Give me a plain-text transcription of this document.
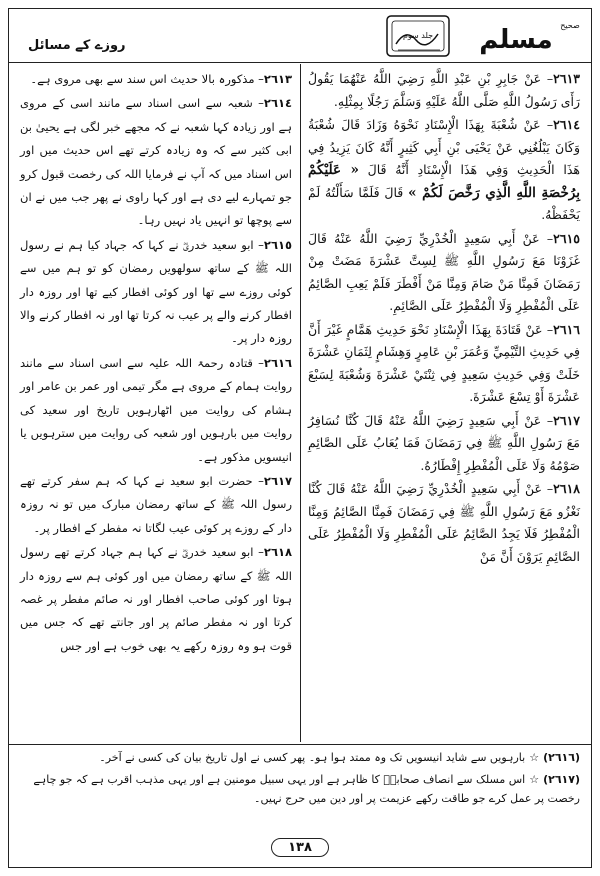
مسلم صحیح
جلد سوم
روزے کے مسائل

٢٦١٣– عَنْ جَابِرِ بْنِ عَبْدِ اللَّهِ رَضِيَ اللَّهُ عَنْهُمَا يَقُولُ رَأَى رَسُولُ اللَّهِ صَلَّى اللَّهُ عَلَيْهِ وَسَلَّمَ رَجُلًا بِمِثْلِهِ.

٢٦١٤– عَنْ شُعْبَةَ بِهَذَا الْإِسْنَادِ نَحْوَهُ وَزَادَ قَالَ شُعْبَةُ وَكَانَ يَبْلُغُنِي عَنْ يَحْيَى بْنِ أَبِي كَثِيرٍ أَنَّهُ كَانَ يَزِيدُ فِي هَذَا الْحَدِيثِ وَفِي هَذَا الْإِسْنَادِ أَنَّهُ قَالَ « عَلَيْكُمْ بِرُخْصَةِ اللَّهِ الَّذِي رَخَّصَ لَكُمْ » قَالَ فَلَمَّا سَأَلْتُهُ لَمْ يَحْفَظْهُ.

٢٦١٥– عَنْ أَبِي سَعِيدٍ الْخُدْرِيِّ رَضِيَ اللَّهُ عَنْهُ قَالَ غَزَوْنَا مَعَ رَسُولِ اللَّهِ ﷺ لِسِتَّ عَشْرَةَ مَضَتْ مِنْ رَمَضَانَ فَمِنَّا مَنْ صَامَ وَمِنَّا مَنْ أَفْطَرَ فَلَمْ يَعِبِ الصَّائِمُ عَلَى الْمُفْطِرِ وَلَا الْمُفْطِرُ عَلَى الصَّائِمِ.

٢٦١٦– عَنْ قَتَادَةَ بِهَذَا الْإِسْنَادِ نَحْوَ حَدِيثِ هَمَّامٍ غَيْرَ أَنَّ فِي حَدِيثِ التَّيْمِيِّ وَعُمَرَ بْنِ عَامِرٍ وَهِشَامٍ لِثَمَانِ عَشْرَةَ خَلَتْ وَفِي حَدِيثِ سَعِيدٍ فِي ثِنْتَيْ عَشْرَةَ وَشُعْبَةَ لِسَبْعَ عَشْرَةَ أَوْ تِسْعَ عَشْرَةَ.

٢٦١٧– عَنْ أَبِي سَعِيدٍ رَضِيَ اللَّهُ عَنْهُ قَالَ كُنَّا نُسَافِرُ مَعَ رَسُولِ اللَّهِ ﷺ فِي رَمَضَانَ فَمَا يُعَابُ عَلَى الصَّائِمِ صَوْمُهُ وَلَا عَلَى الْمُفْطِرِ إِفْطَارُهُ.

٢٦١٨– عَنْ أَبِي سَعِيدٍ الْخُدْرِيِّ رَضِيَ اللَّهُ عَنْهُ قَالَ كُنَّا نَغْزُو مَعَ رَسُولِ اللَّهِ ﷺ فِي رَمَضَانَ فَمِنَّا الصَّائِمُ وَمِنَّا الْمُفْطِرُ فَلَا يَجِدُ الصَّائِمُ عَلَى الْمُفْطِرِ وَلَا الْمُفْطِرُ عَلَى الصَّائِمِ يَرَوْنَ أَنَّ مَنْ

٢٦١٣– مذکورہ بالا حدیث اس سند سے بھی مروی ہے۔

٢٦١٤– شعبہ سے اسی اسناد سے مانند اسی کے مروی ہے اور زیادہ کہا شعبہ نے کہ مجھے خبر لگی ہے یحییٰ بن ابی کثیر سے کہ وہ زیادہ کرتے تھے اس حدیث میں اور اس اسناد میں کہ آپ نے فرمایا اللہ کی رخصت قبول کرو جو تمہارے لیے دی ہے اور کہا راوی نے پھر جب میں نے ان سے پوچھا تو انہیں یاد نہیں رہا۔

٢٦١٥– ابو سعید خدریؓ نے کہا کہ جہاد کیا ہم نے رسول اللہ ﷺ کے ساتھ سولھویں رمضان کو تو ہم میں سے کوئی روزے سے تھا اور کوئی افطار کیے تھا اور روزہ دار افطار کرنے والے پر عیب نہ کرتا تھا اور نہ افطار کرنے والا روزہ دار پر۔

٢٦١٦– قتادہ رحمۃ اللہ علیہ سے اسی اسناد سے مانند روایت ہمام کے مروی ہے مگر تیمی اور عمر بن عامر اور ہشام کی روایت میں اٹھارہویں تاریخ اور سعید کی روایت میں بارہویں اور شعبہ کی روایت میں سترہویں یا انیسویں مذکور ہے۔

٢٦١٧– حضرت ابو سعید نے کہا کہ ہم سفر کرتے تھے رسول اللہ ﷺ کے ساتھ رمضان مبارک میں تو نہ روزہ دار کے روزے پر کوئی عیب لگاتا نہ مفطر کے افطار پر۔

٢٦١٨– ابو سعید خدریؓ نے کہا ہم جہاد کرتے تھے رسول اللہ ﷺ کے ساتھ رمضان میں اور کوئی ہم سے روزہ دار ہوتا اور کوئی صاحب افطار اور نہ صائم مفطر پر غصہ کرتا اور نہ مفطر صائم پر اور جانتے تھے کہ جس میں قوت ہو وہ روزہ رکھے یہ بھی خوب ہے اور جس

(٢٦١٦)☆بارہویں سے شاید انیسویں تک وہ ممتد ہوا ہو۔ پھر کسی نے اول تاریخ بیان کی کسی نے آخر۔

(٢٦١٧)☆اس مسلک سے انصاف صحابہؓ کا ظاہر ہے اور یہی سبیل مومنین ہے اور یہی مذہب اقرب ہے کہ جو چاہے رخصت پر عمل کرے جو طاقت رکھے عزیمت پر اور دین میں حرج نہیں۔

١٣٨
